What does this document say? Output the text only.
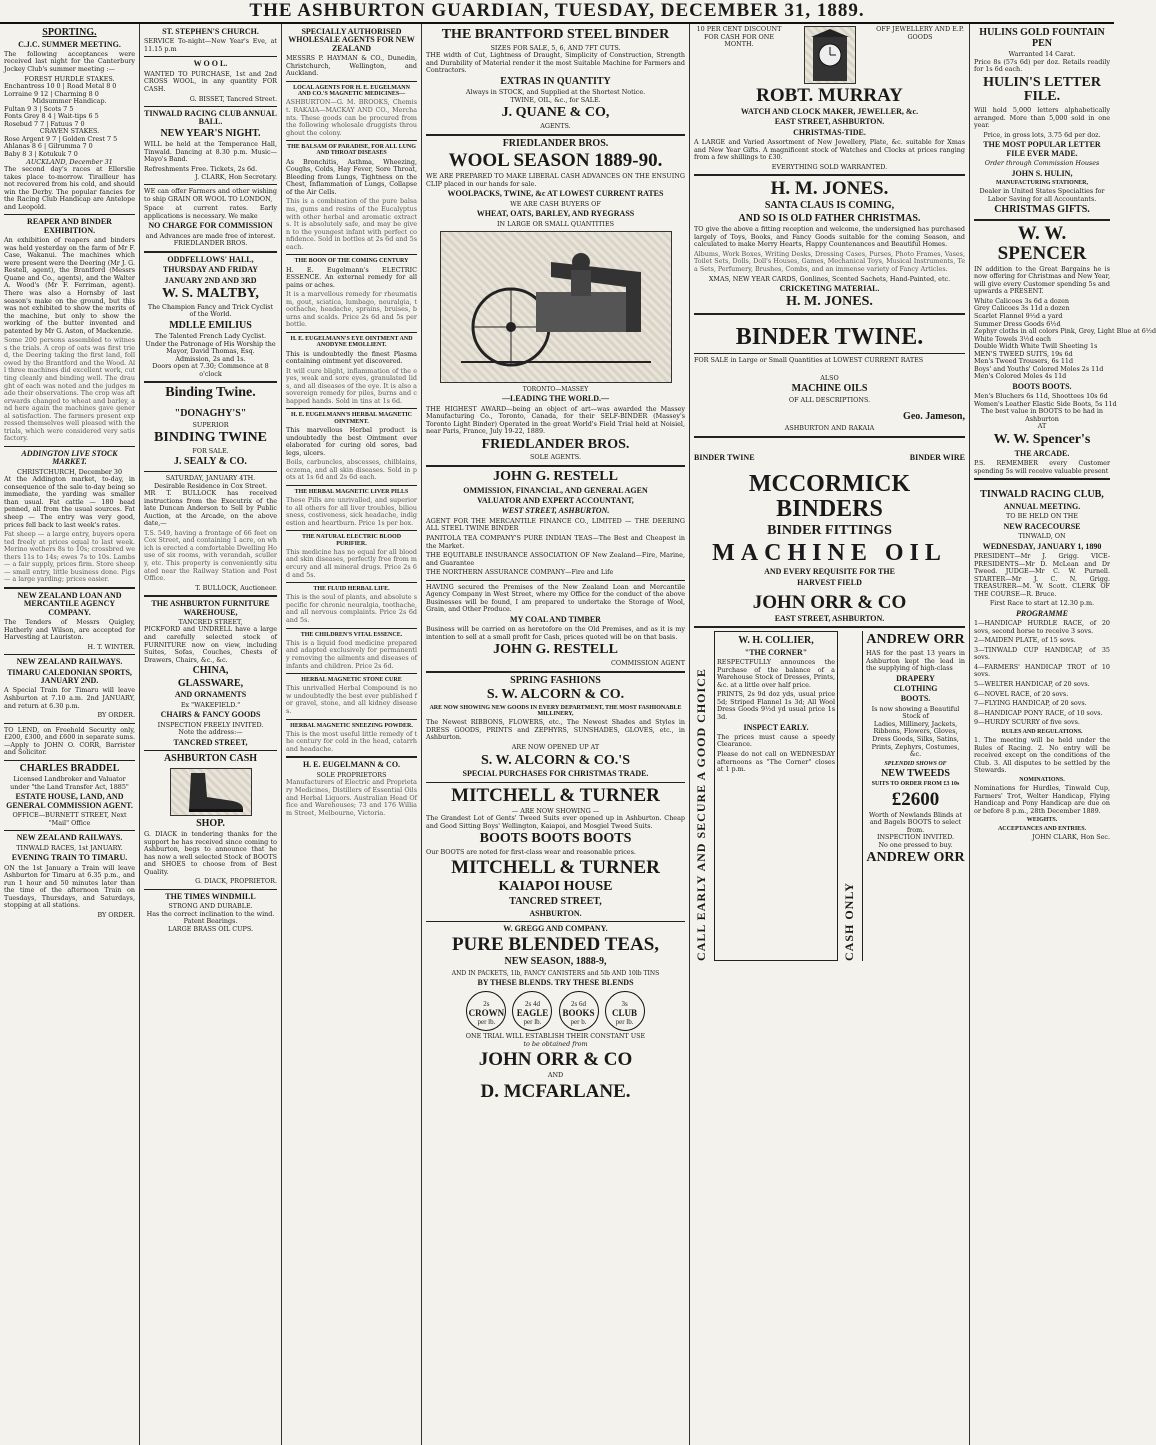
THE ASHBURTON GUARDIAN, TUESDAY, DECEMBER 31, 1889.
SPORTING.
C.J.C. SUMMER MEETING.

The following acceptances were received last night for the Canterbury Jockey Club's summer meeting :—

FOREST HURDLE STAKES.
Enchantress 10 0 | Road Metal 8 0
Lorraine 9 12 | Charming 8 0
Midsummer Handicap.
Fultan 9 3 | Scots 7 5
Fonts Grey 8 4 | Wait-tips 6 5
Rosebud 7 7 | Fatuus 7 0
CRAVEN STAKES.
Rose Argent 9 7 | Golden Crest 7 5
Ahlanas 8 6 | Gilrumma 7 0
Baby 8 3 | Kotukuk 7 0
AUCKLAND, December 31

The second day's races at Ellerslie takes place to-morrow. Tirailleur has not recovered from his cold, and should win the Derby. The popular fancies for the Racing Club Handicap are Antelope and Leopold.

REAPER AND BINDER EXHIBITION.

An exhibition of reapers and binders was held yesterday on the farm of Mr F. Case, Wakanui. The machines which were present were the Deering (Mr J. G. Restell, agent), the Brantford (Messrs Quane and Co., agents), and the Walter A. Wood's (Mr F. Ferriman, agent). There was also a Hornsby of last season's make on the ground, but this was not exhibited to show the merits of the machine, but only to show the working of the butter invented and patented by Mr G. Aston, of Mackenzie.

Some 200 persons assembled to witness the trials. A crop of oats was first tried, the Deering taking the first land, followed by the Brantford and the Wood. All three machines did excellent work, cutting cleanly and binding well. The draught of each was noted and the judges made their observations. The crop was afterwards changed to wheat and barley, and here again the machines gave general satisfaction. The farmers present expressed themselves well pleased with the trials, which were considered very satisfactory.

ADDINGTON LIVE STOCK MARKET.
CHRISTCHURCH, December 30

At the Addington market, to-day, in consequence of the sale to-day being so immediate, the yarding was smaller than usual. Fat cattle — 180 head penned, all from the usual sources. Fat sheep — The entry was very good, prices fell back to last week's rates.

Fat sheep — a large entry, buyers operated freely at prices equal to last week. Merino wethers 8s to 10s; crossbred wethers 11s to 14s; ewes 7s to 10s. Lambs — a fair supply, prices firm. Store sheep — small entry, little business done. Pigs — a large yarding; prices easier.

NEW ZEALAND LOAN AND MERCANTILE AGENCY COMPANY.

The Tenders of Messrs Quigley, Hatherly and Wilson, are accepted for Harvesting at Lauriston.

H. T. WINTER.
NEW ZEALAND RAILWAYS.
TIMARU CALEDONIAN SPORTS, JANUARY 2ND.

A Special Train for Timaru will leave Ashburton at 7.10 a.m. 2nd JANUARY, and return at 6.30 p.m.

BY ORDER.

TO LEND, on Freehold Security only, £200, £300, and £600 in separate sums.—Apply to JOHN O. CORR, Barrister and Solicitor.

CHARLES BRADDEL

Licensed Landbroker and Valuator under "the Land Transfer Act, 1885"

ESTATE HOUSE, LAND, AND GENERAL COMMISSION AGENT.
OFFICE—BURNETT STREET, Next "Mail" Office
NEW ZEALAND RAILWAYS.
TINWALD RACES, 1st JANUARY.
EVENING TRAIN TO TIMARU.

ON the 1st January a Train will leave Ashburton for Timaru at 6.35 p.m., and run 1 hour and 50 minutes later than the time of the afternoon Train on Tuesdays, Thursdays, and Saturdays, stopping at all stations.

BY ORDER.
ST. STEPHEN'S CHURCH.

SERVICE To-night—New Year's Eve, at 11.15 p.m

W O O L.

WANTED TO PURCHASE, 1st and 2nd CROSS WOOL, in any quantity FOR CASH.

G. BISSET, Tancred Street.
TINWALD RACING CLUB ANNUAL BALL.
NEW YEAR'S NIGHT.

WILL be held at the Temperance Hall, Tinwald. Dancing at 8.30 p.m. Music—Mayo's Band.

Refreshments Free. Tickets, 2s 6d.
J. CLARK, Hon Secretary.

WE can offer Farmers and other wishing to ship GRAIN OR WOOL TO LONDON,

Space at current rates. Early applications is necessary. We make

NO CHARGE FOR COMMISSION
and Advances are made free of interest.
FRIEDLANDER BROS.
ODDFELLOWS' HALL,
THURSDAY AND FRIDAY
JANUARY 2ND AND 3RD
W. S. MALTBY,
The Champion Fancy and Trick Cyclist of the World.
MDLLE EMILIUS
The Talented French Lady Cyclist.
Under the Patronage of His Worship the Mayor, David Thomas, Esq.
Admission, 2s and 1s.
Doors open at 7.30; Commence at 8 o'clock
Binding Twine.
"DONAGHY'S"
SUPERIOR
BINDING TWINE
FOR SALE.
J. SEALY & CO.
SATURDAY, JANUARY 4TH.
Desirable Residence in Cox Street.

MR T. BULLOCK has received instructions from the Executrix of the late Duncan Anderson to Sell by Public Auction, at the Arcade, on the above date,—

T.S. 549, having a frontage of 66 feet on Cox Street, and containing 1 acre, on which is erected a comfortable Dwelling House of six rooms, with verandah, scullery, etc. This property is conveniently situated near the Railway Station and Post Office.

T. BULLOCK, Auctioneer.
THE ASHBURTON FURNITURE WAREHOUSE,
TANCRED STREET,

PICKFORD and UNDRELL have a large and carefully selected stock of FURNITURE now on view, including Suites, Sofas, Couches, Chests of Drawers, Chairs, &c., &c.

CHINA,
GLASSWARE,
AND ORNAMENTS
Ex "WAKEFIELD."
CHAIRS & FANCY GOODS
INSPECTION FREELY INVITED.
Note the address:—
TANCRED STREET,
ASHBURTON CASH
SHOP.

G. DIACK in tendering thanks for the support he has received since coming to Ashburton, begs to announce that he has now a well selected Stock of BOOTS and SHOES to choose from of Best Quality.

G. DIACK, PROPRIETOR.
THE TIMES WINDMILL
STRONG AND DURABLE.
Has the correct inclination to the wind. Patent Bearings.
LARGE BRASS OIL CUPS.
SPECIALLY AUTHORISED WHOLESALE AGENTS FOR NEW ZEALAND

MESSRS P. HAYMAN & CO., Dunedin, Christchurch, Wellington, and Auckland.

LOCAL AGENTS FOR H. E. EUGELMANN AND CO.'S MAGNETIC MEDICINES—

ASHBURTON—G. M. BROOKS, Chemist. RAKAIA—MACKAY AND CO., Merchants. These goods can be procured from the following wholesale druggists throughout the colony.

THE BALSAM OF PARADISE, FOR ALL LUNG AND THROAT DISEASES

As Bronchitis, Asthma, Wheezing, Coughs, Colds, Hay Fever, Sore Throat, Bleeding from Lungs, Tightness on the Chest, Inflammation of Lungs, Collapse of the Air Cells.

This is a combination of the pure balsams, gums and resins of the Eucalyptus with other herbal and aromatic extracts. It is absolutely safe, and may be given to the youngest infant with perfect confidence. Sold in bottles at 2s 6d and 5s each.

THE BOON OF THE COMING CENTURY

H. E. Eugelmann's ELECTRIC ESSENCE. An external remedy for all pains or aches.

It is a marvellous remedy for rheumatism, gout, sciatica, lumbago, neuralgia, toothache, headache, sprains, bruises, burns and scalds. Price 2s 6d and 5s per bottle.

H. E. EUGELMANN'S EYE OINTMENT AND ANODYNE EMOLLIENT.

This is undoubtedly the finest Plasma containing ointment yet discovered.

It will cure blight, inflammation of the eyes, weak and sore eyes, granulated lids, and all diseases of the eye. It is also a sovereign remedy for piles, burns and chapped hands. Sold in tins at 1s 6d.

H. E. EUGELMANN'S HERBAL MAGNETIC OINTMENT.

This marvellous Herbal product is undoubtedly the best Ointment ever elaborated for curing old sores, bad legs, ulcers.

Boils, carbuncles, abscesses, chilblains, eczema, and all skin diseases. Sold in pots at 1s 6d and 2s 6d each.

THE HERBAL MAGNETIC LIVER PILLS

These Pills are unrivalled, and superior to all others for all liver troubles, biliousness, costiveness, sick headache, indigestion and heartburn. Price 1s per box.

THE NATURAL ELECTRIC BLOOD PURIFIER.

This medicine has no equal for all blood and skin diseases, perfectly free from mercury and all mineral drugs. Price 2s 6d and 5s.

THE FLUID HERBAL LIFE.

This is the soul of plants, and absolute specific for chronic neuralgia, toothache, and all nervous complaints. Price 2s 6d and 5s.

THE CHILDREN'S VITAL ESSENCE.

This is a liquid food medicine prepared and adapted exclusively for permanently removing the ailments and diseases of infants and children. Price 2s 6d.

HERBAL MAGNETIC STONE CURE

This unrivalled Herbal Compound is now undoubtedly the best ever published for gravel, stone, and all kidney diseases.

HERBAL MAGNETIC SNEEZING POWDER.

This is the most useful little remedy of the century for cold in the head, catarrh and headache.

H. E. EUGELMANN & CO.
SOLE PROPRIETORS

Manufacturers of Electric and Proprietary Medicines, Distillers of Essential Oils and Herbal Liquors. Australian Head Office and Warehouses; 73 and 176 William Street, Melbourne, Victoria.

THE BRANTFORD STEEL BINDER
SIZES FOR SALE, 5, 6, AND 7FT CUTS.

THE width of Cut, Lightness of Draught, Simplicity of Construction, Strength and Durability of Material render it the most Suitable Machine for Farmers and Contractors.

EXTRAS IN QUANTITY
Always in STOCK, and Supplied at the Shortest Notice.
TWINE, OIL, &c., for SALE.
J. QUANE & CO,
AGENTS.
FRIEDLANDER BROS.
WOOL SEASON 1889-90.

WE ARE PREPARED TO MAKE LIBERAL CASH ADVANCES ON THE ENSUING CLIP placed in our hands for sale.

WOOLPACKS, TWINE, &c AT LOWEST CURRENT RATES
WE ARE CASH BUYERS OF
WHEAT, OATS, BARLEY, AND RYEGRASS
IN LARGE OR SMALL QUANTITIES
TORONTO—MASSEY
—LEADING THE WORLD.—

THE HIGHEST AWARD—being an object of art—was awarded the Massey Manufacturing Co., Toronto, Canada, for their SELF-BINDER (Massey's Toronto Light Binder) Operated in the great World's Field Trial held at Noisiel, near Paris, France, July 19-22, 1889.

FRIEDLANDER BROS.
SOLE AGENTS.
JOHN G. RESTELL
OMMISSION, FINANCIAL, AND GENERAL AGEN
VALUATOR AND EXPERT ACCOUNTANT,
WEST STREET, ASHBURTON.

AGENT FOR THE MERCANTILE FINANCE CO., LIMITED — THE DEERING ALL STEEL TWINE BINDER

PANITOLA TEA COMPANY'S PURE INDIAN TEAS—The Best and Cheapest in the Market.

THE EQUITABLE INSURANCE ASSOCIATION OF New Zealand—Fire, Marine, and Guarantee

THE NORTHERN ASSURANCE COMPANY—Fire and Life

HAVING secured the Premises of the New Zealand Loan and Mercantile Agency Company in West Street, where my Office for the conduct of the above Businesses will be found, I am prepared to undertake the Storage of Wool, Grain, and Other Produce.

MY COAL AND TIMBER

Business will be carried on as heretofore on the Old Premises, and as it is my intention to sell at a small profit for Cash, prices quoted will be on that basis.

JOHN G. RESTELL
COMMISSION AGENT
SPRING FASHIONS
S. W. ALCORN & CO.
ARE NOW SHOWING NEW GOODS IN EVERY DEPARTMENT, THE MOST FASHIONABLE MILLINERY,

The Newest RIBBONS, FLOWERS, etc., The Newest Shades and Styles in DRESS GOODS, PRINTS and ZEPHYRS, SUNSHADES, GLOVES, etc., in Ashburton.

ARE NOW OPENED UP AT
S. W. ALCORN & CO.'S
SPECIAL PURCHASES FOR CHRISTMAS TRADE.
MITCHELL & TURNER
— ARE NOW SHOWING —

The Grandest Lot of Gents' Tweed Suits ever opened up in Ashburton. Cheap and Good Sitting Boys' Wellington, Kaiapoi, and Mosgiel Tweed Suits.

BOOTS BOOTS BOOTS

Our BOOTS are noted for first-class wear and reasonable prices.

MITCHELL & TURNER
KAIAPOI HOUSE
TANCRED STREET,
ASHBURTON.
W. GREGG AND COMPANY.
PURE BLENDED TEAS,
NEW SEASON, 1888-9,
AND IN PACKETS, 1lb, FANCY CANISTERS and 5lb AND 10lb TINS
BY THESE BLENDS. TRY THESE BLENDS
2s
CROWN
per lb. 2s 4d
EAGLE
per lb. 2s 6d
BOOKS
per b. 3s
CLUB
per lb.
ONE TRIAL WILL ESTABLISH THEIR CONSTANT USE
to be obtained from
JOHN ORR & CO
AND
D. MCFARLANE.
10 PER CENT DISCOUNT FOR CASH FOR ONE MONTH.
OFF JEWELLERY AND E.P. GOODS
ROBT. MURRAY
WATCH AND CLOCK MAKER, JEWELLER, &c.
EAST STREET, ASHBURTON.
CHRISTMAS-TIDE.

A LARGE and Varied Assortment of New Jewellery, Plate, &c. suitable for Xmas and New Year Gifts. A magnificent stock of Watches and Clocks at prices ranging from a few shillings to £30.

EVERYTHING SOLD WARRANTED.
H. M. JONES.
SANTA CLAUS IS COMING,
AND SO IS OLD FATHER CHRISTMAS.

TO give the above a fitting reception and welcome, the undersigned has purchased largely of Toys, Books, and Fancy Goods suitable for the coming Season, and calculated to make Merry Hearts, Happy Countenances and Beautiful Homes.

Albums, Work Boxes, Writing Desks, Dressing Cases, Purses, Photo Frames, Vases, Toilet Sets, Dolls, Doll's Houses, Games, Mechanical Toys, Musical Instruments, Tea Sets, Perfumery, Brushes, Combs, and an immense variety of Fancy Articles.

XMAS, NEW YEAR CARDS, Gonlines, Scented Sachets, Hand-Painted, etc.
CRICKETING MATERIAL.
H. M. JONES.
BINDER TWINE.

FOR SALE in Large or Small Quantities at LOWEST CURRENT RATES

ALSO
MACHINE OILS
OF ALL DESCRIPTIONS.
Geo. Jameson,
ASHBURTON AND RAKAIA
BINDER TWINE	BINDER WIRE
MCCORMICK BINDERS
BINDER FITTINGS
MACHINE OIL
AND EVERY REQUISITE FOR THE
HARVEST FIELD
JOHN ORR & CO
EAST STREET, ASHBURTON.
CALL EARLY AND SECURE A GOOD CHOICE
W. H. COLLIER,
"THE CORNER"

RESPECTFULLY announces the Purchase of the balance of a Warehouse Stock of Dresses, Prints, &c. at a little over half price.

PRINTS, 2s 9d doz yds, usual price 5d; Striped Flannel 1s 3d; All Wool Dress Goods 9½d yd usual price 1s 3d.

INSPECT EARLY.

The prices must cause a speedy Clearance.

Please do not call on WEDNESDAY afternoons as "The Corner" closes at 1 p.m.

CASH ONLY
ANDREW ORR

HAS for the past 13 years in Ashburton kept the lead in the supplying of high-class

DRAPERY
CLOTHING
BOOTS.
Is now showing a Beautiful Stock of

Ladies, Millinery, Jackets, Ribbons, Flowers, Gloves, Dress Goods, Silks, Satins, Prints, Zephyrs, Costumes, &c.

SPLENDID SHOWS OF
NEW TWEEDS
SUITS TO ORDER FROM £3 10s
£2600
Worth of Newlands Blinds at and Bagels BOOTS to select from.
INSPECTION INVITED.
No one pressed to buy.
ANDREW ORR
HULINS GOLD FOUNTAIN PEN
Warranted 14 Carat.

Price 8s (57s 6d) per doz. Retails readily for 1s 6d each.

HULIN'S LETTER FILE.

Will hold 5,000 letters alphabetically arranged. More than 5,000 sold in one year.

Price, in gross lots, 3.75 6d per doz.
THE MOST POPULAR LETTER FILE EVER MADE.
Order through Commission Houses
JOHN S. HULIN,
MANUFACTURING STATIONER,
Dealer in United States Specialties for Labor Saving for all Accountants.
CHRISTMAS GIFTS.
W. W. SPENCER

IN addition to the Great Bargains he is now offering for Christmas and New Year, will give every Customer spending 5s and upwards a PRESENT.

White Calicoes 3s 6d a dozen
Grey Calicoes 3s 11d a dozen
Scarlet Flannel 9½d a yard
Summer Dress Goods 6½d
Zephyr cloths in all colors Pink, Grey, Light Blue at 6½d
White Towels 3½d each
Double Width White Twill Sheeting 1s
MEN'S TWEED SUITS, 19s 6d
Men's Tweed Trousers, 6s 11d
Boys' and Youths' Colored Moles 2s 11d
Men's Colored Moles 4s 11d
BOOTS BOOTS.
Men's Bluchers 6s 11d, Shoottees 10s 6d
Women's Leather Elastic Side Boots, 5s 11d
The best value in BOOTS to be had in Ashburton
AT
W. W. Spencer's
THE ARCADE.

P.S. REMEMBER every Customer spending 5s will receive valuable present

TINWALD RACING CLUB,
ANNUAL MEETING.
TO BE HELD ON THE
NEW RACECOURSE
TINWALD, ON
WEDNESDAY, JANUARY 1, 1890

PRESIDENT—Mr J. Grigg. VICE-PRESIDENTS—Mr D. McLean and Dr Tweed. JUDGE—Mr C. W. Purnell. STARTER—Mr J. C. N. Grigg. TREASURER—M. W. Scott. CLERK OF THE COURSE—R. Bruce.

First Race to start at 12.30 p.m.
PROGRAMME

1—HANDICAP HURDLE RACE, of 20 sovs, second horse to receive 3 sovs.

2—MAIDEN PLATE, of 15 sovs.

3—TINWALD CUP HANDICAP, of 35 sovs.

4—FARMERS' HANDICAP TROT of 10 sovs.

5—WELTER HANDICAP, of 20 sovs.

6—NOVEL RACE, of 20 sovs.

7—FLYING HANDICAP, of 20 sovs.

8—HANDICAP PONY RACE, of 10 sovs.

9—HURDY SCURRY of five sovs.

RULES AND REGULATIONS.

1. The meeting will be held under the Rules of Racing. 2. No entry will be received except on the conditions of the Club. 3. All disputes to be settled by the Stewards.

NOMINATIONS.

Nominations for Hurdles, Tinwald Cup, Farmers' Trot, Welter Handicap, Flying Handicap and Pony Handicap are due on or before 8 p.m., 28th December 1889.

WEIGHTS.
ACCEPTANCES AND ENTRIES.
JOHN CLARK, Hon Sec.
